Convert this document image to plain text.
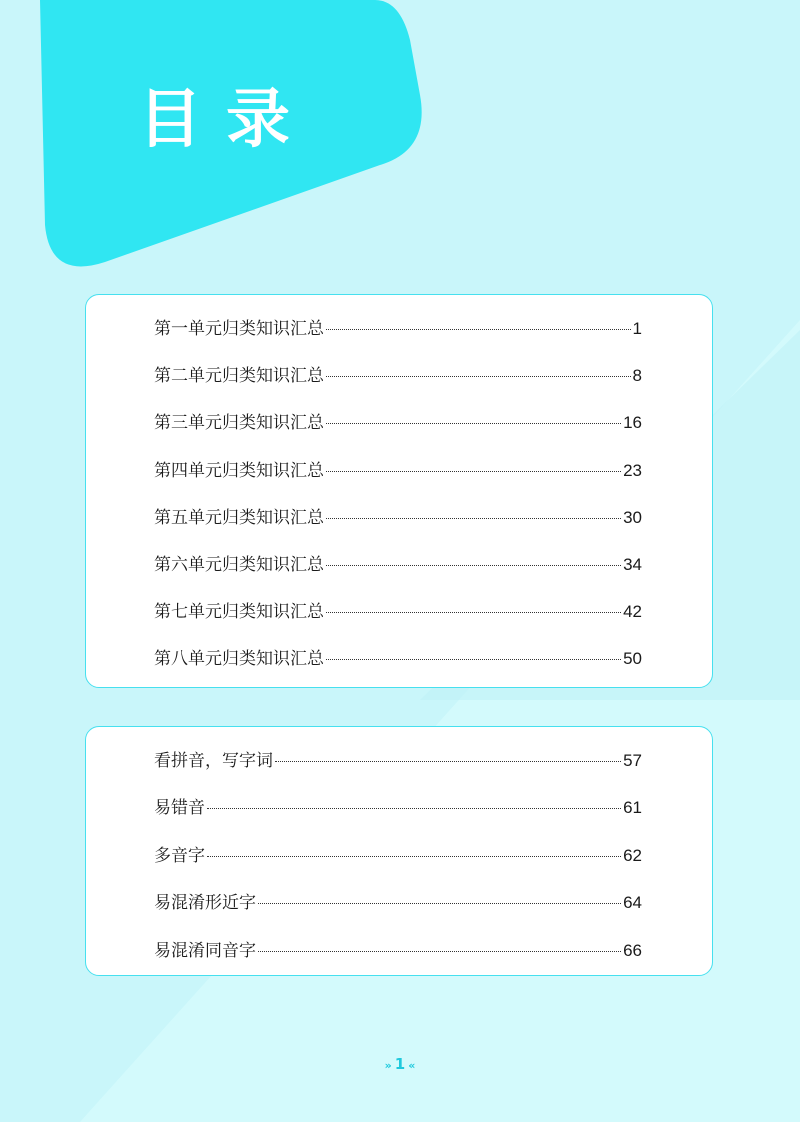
目录
第一单元归类知识汇总	1
第二单元归类知识汇总	8
第三单元归类知识汇总	16
第四单元归类知识汇总	23
第五单元归类知识汇总	30
第六单元归类知识汇总	34
第七单元归类知识汇总	42
第八单元归类知识汇总	50
看拼音，写字词	57
易错音	61
多音字	62
易混淆形近字	64
易混淆同音字	66
» 1 «
